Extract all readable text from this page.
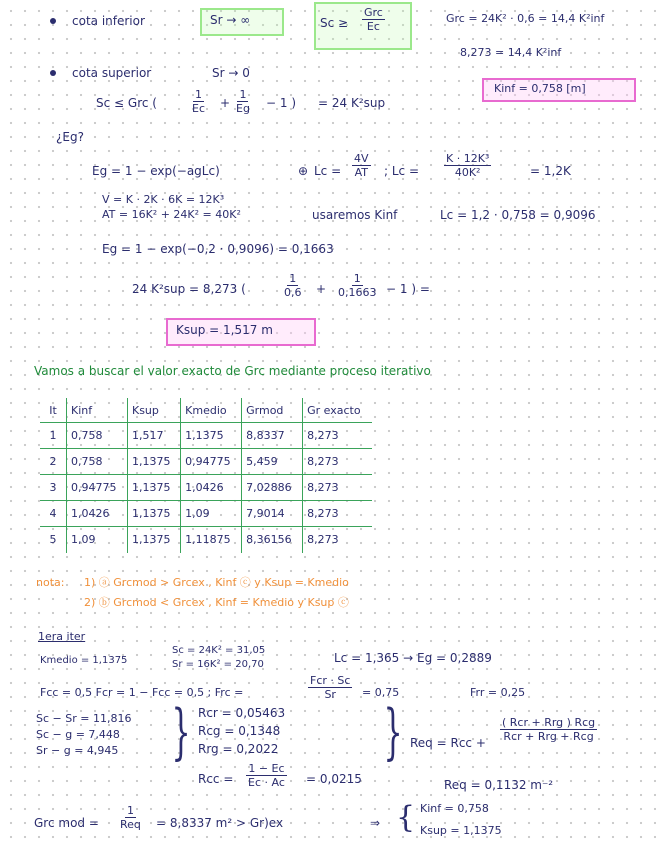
cota inferior	Sr → ∞	Sc ≥
Grc
Ec
Grc = 24K² · 0,6 = 14,4 K²inf
8,273 = 14,4 K²inf
Kinf = 0,758 [m]
cota superior	Sr → 0
Sc ≤ Grc (	$\frac{1}{Ec} + \frac{1}{Eg} - 1$ ) = 24 K²sup
¿Eg?
Eg = 1 − exp(−agLc)	⊕ $Lc = \frac{4V}{AT}$ ; $Lc = \frac{\text{K · 12K³}}{\text{40K²}}$	= 1,2K
V = K · 2K · 6K = 12K³
AT = 16K² + 24K² = 40K²	usaremos Kinf	Lc = 1,2 · 0,758 = 0,9096
Eg = 1 − exp(−0,2 · 0,9096) = 0,1663
24 K²sup = 8,273 (	$\frac{1}{0,6} + \frac{1}{0,1663} - 1$ ) =
Ksup = 1,517 m
Vamos a buscar el valor exacto de Grc mediante proceso iterativo
It	Kinf	Ksup	Kmedio	Grmod	Gr exacto
1	0,758	1,517	1,1375	8,8337	8,273
2	0,758	1,1375	0,94775	5,459	8,273
3	0,94775	1,1375	1,0426	7,02886	8,273
4	1,0426	1,1375	1,09	7,9014	8,273
5	1,09	1,1375	1,11875	8,36156	8,273
nota: 1) ⓐ Grcmod > Grcex , Kinf ⓒ y Ksup = Kmedio
2) ⓑ Grcmod < Grcex , Kinf = Kmedio y Ksup ⓒ
1era iter
Kmedio = 1,1375
Sc = 24K² = 31,05
Sr = 16K² = 20,70	Lc = 1,365 → Eg = 0,2889
Fcc = 0,5 Fcr = 1 − Fcc = 0,5 ; Frc =
Fcr · Sc
Sr = 0,75	Frr = 0,25
Sc − Sr = 11,816
Sc − g = 7,448
Sr − g = 4,945 } Rcr = 0,05463
Rcg = 0,1348
Rrg = 0,2022
Rcc = $\frac{1 - Ec}{Ec \cdot Ac} = 0,0215$
} Req = Rcc +
( Rcr + Rrg ) Rcg
Rcr + Rrg + Rcg
Req = 0,1132 m⁻²
Grc mod =
1
Req = 8,8337 m² > Gr)ex	⇒ { Kinf = 0,758
Ksup = 1,1375
